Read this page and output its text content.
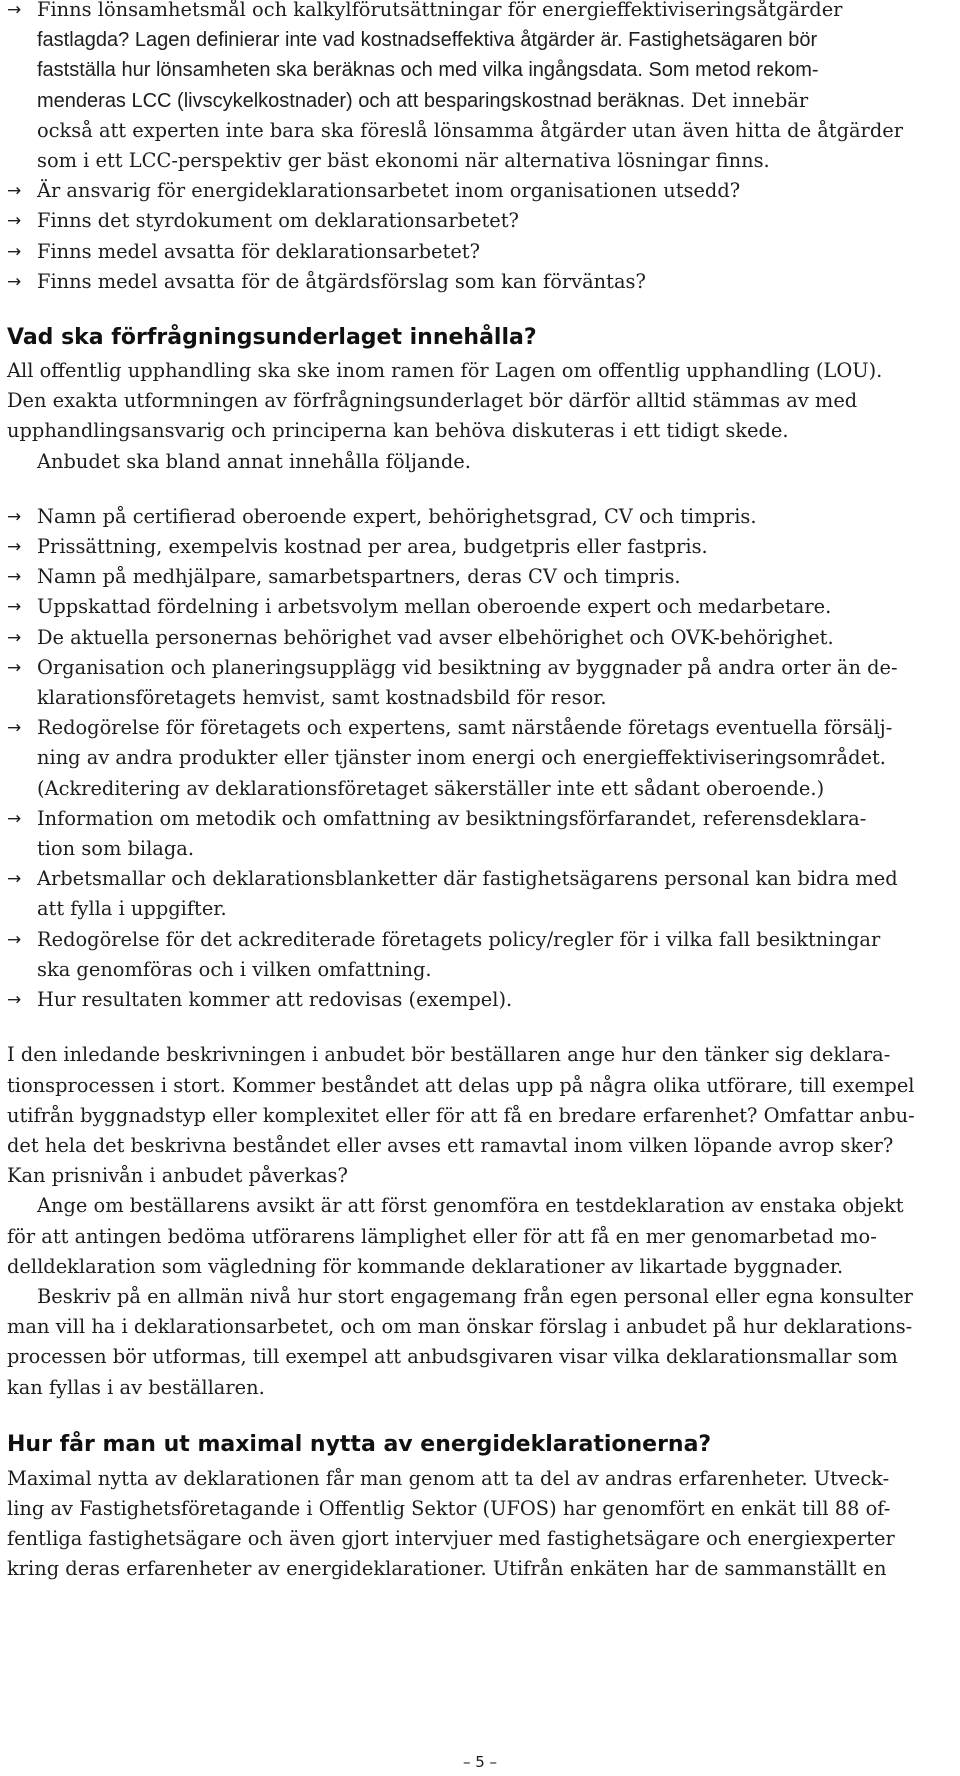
→ Finns lönsamhetsmål och kalkylförutsättningar för energieffektiviseringsåtgärder

fastlagda? Lagen definierar inte vad kostnadseffektiva åtgärder är. Fastighetsägaren bör

fastställa hur lönsamheten ska beräknas och med vilka ingångsdata. Som metod rekom-

menderas LCC (livscykelkostnader) och att besparingskostnad beräknas. Det innebär

också att experten inte bara ska föreslå lönsamma åtgärder utan även hitta de åtgärder

som i ett LCC-perspektiv ger bäst ekonomi när alternativa lösningar finns.

→ Är ansvarig för energideklarationsarbetet inom organisationen utsedd?

→ Finns det styrdokument om deklarationsarbetet?

→ Finns medel avsatta för deklarationsarbetet?

→ Finns medel avsatta för de åtgärdsförslag som kan förväntas?

Vad ska förfrågningsunderlaget innehålla?

All offentlig upphandling ska ske inom ramen för Lagen om offentlig upphandling (LOU).

Den exakta utformningen av förfrågningsunderlaget bör därför alltid stämmas av med

upphandlingsansvarig och principerna kan behöva diskuteras i ett tidigt skede.

Anbudet ska bland annat innehålla följande.

→ Namn på certifierad oberoende expert, behörighetsgrad, CV och timpris.

→ Prissättning, exempelvis kostnad per area, budgetpris eller fastpris.

→ Namn på medhjälpare, samarbetspartners, deras CV och timpris.

→ Uppskattad fördelning i arbetsvolym mellan oberoende expert och medarbetare.

→ De aktuella personernas behörighet vad avser elbehörighet och OVK-behörighet.

→ Organisation och planeringsupplägg vid besiktning av byggnader på andra orter än de-

klarationsföretagets hemvist, samt kostnadsbild för resor.

→ Redogörelse för företagets och expertens, samt närstående företags eventuella försälj-

ning av andra produkter eller tjänster inom energi och energieffektiviseringsområdet.

(Ackreditering av deklarationsföretaget säkerställer inte ett sådant oberoende.)

→ Information om metodik och omfattning av besiktningsförfarandet, referensdeklara-

tion som bilaga.

→ Arbetsmallar och deklarationsblanketter där fastighetsägarens personal kan bidra med

att fylla i uppgifter.

→ Redogörelse för det ackrediterade företagets policy/regler för i vilka fall besiktningar

ska genomföras och i vilken omfattning.

→ Hur resultaten kommer att redovisas (exempel).

I den inledande beskrivningen i anbudet bör beställaren ange hur den tänker sig deklara-

tionsprocessen i stort. Kommer beståndet att delas upp på några olika utförare, till exempel

utifrån byggnadstyp eller komplexitet eller för att få en bredare erfarenhet? Omfattar anbu-

det hela det beskrivna beståndet eller avses ett ramavtal inom vilken löpande avrop sker?

Kan prisnivån i anbudet påverkas?

Ange om beställarens avsikt är att först genomföra en testdeklaration av enstaka objekt

för att antingen bedöma utförarens lämplighet eller för att få en mer genomarbetad mo-

delldeklaration som vägledning för kommande deklarationer av likartade byggnader.

Beskriv på en allmän nivå hur stort engagemang från egen personal eller egna konsulter

man vill ha i deklarationsarbetet, och om man önskar förslag i anbudet på hur deklarations-

processen bör utformas, till exempel att anbudsgivaren visar vilka deklarationsmallar som

kan fyllas i av beställaren.

Hur får man ut maximal nytta av energideklarationerna?

Maximal nytta av deklarationen får man genom att ta del av andras erfarenheter. Utveck-

ling av Fastighetsföretagande i Offentlig Sektor (UFOS) har genomfört en enkät till 88 of-

fentliga fastighetsägare och även gjort intervjuer med fastighetsägare och energiexperter

kring deras erfarenheter av energideklarationer. Utifrån enkäten har de sammanställt en

– 5 –
